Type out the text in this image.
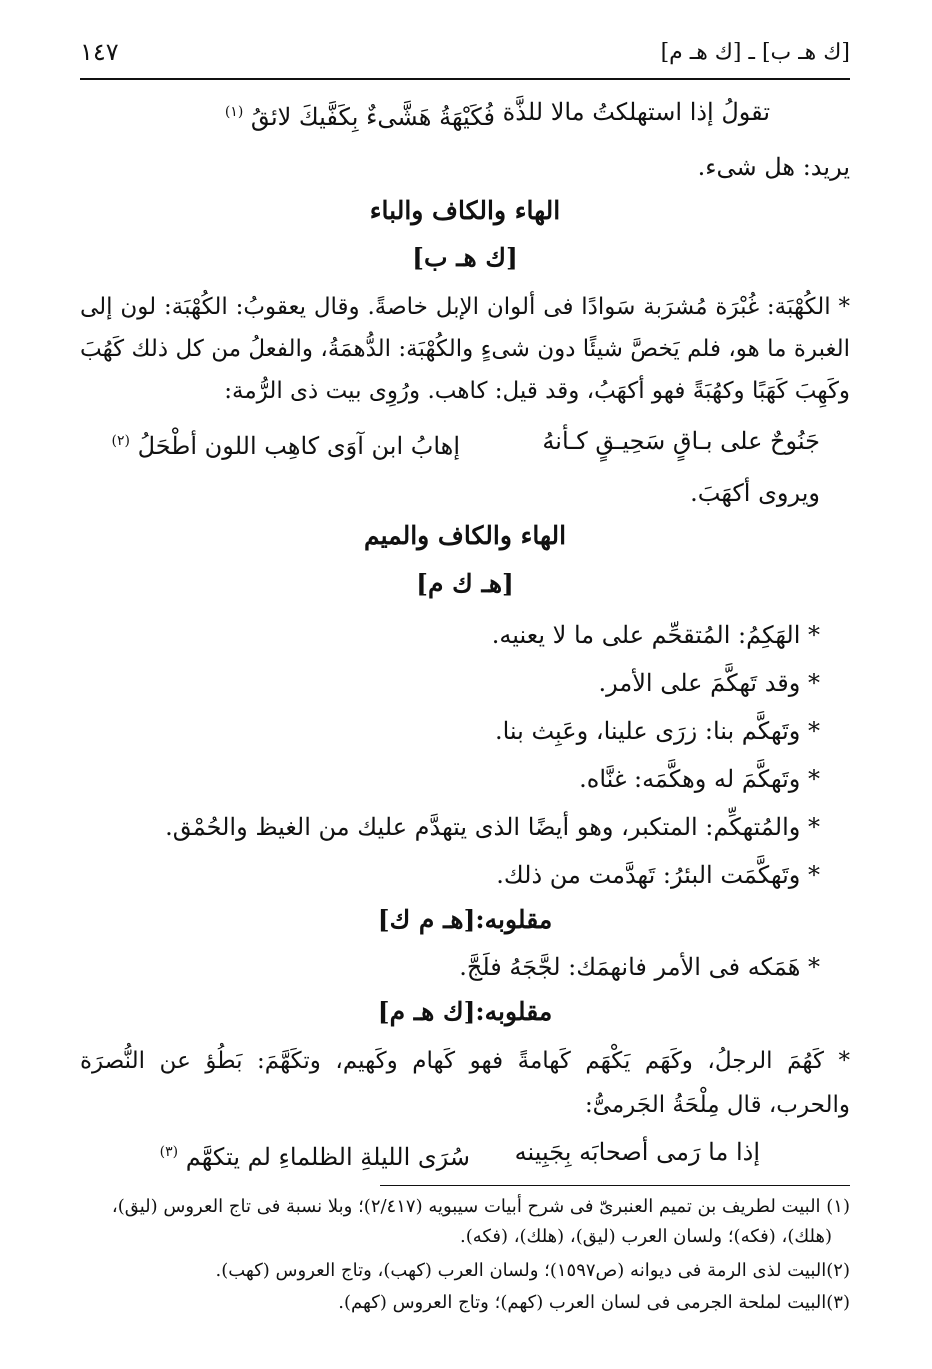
[ك هـ ب] ـ [ك هـ م]
١٤٧
تقولُ إذا استهلكتُ مالا للذَّة
فُكَيْهَةُ هَشَّىءٌ بِكَفَّيكَ لائقُ $^{(١)}$
يريد: هل شىء.
الهاء والكاف والباء
[ك هـ ب]
* الكُهْبَة: غُبْرَة مُشرَبة سَوادًا فى ألوان الإبل خاصةً. وقال يعقوبُ: الكُهْبَة: لون إلى
الغبرة ما هو، فلم يَخصَّ شيئًا دون شىءٍ والكُهْبَة: الدُّهمَةُ، والفعلُ من كل ذلك كَهُبَ
وكَهِبَ كَهَبًا وكهُبَةً فهو أكهَبُ، وقد قيل: كاهب. ورُوِى بيت ذى الرُّمة:
جَنُوحٌ على بـاقٍ سَحِيـقٍ كـأنهُ
إهابُ ابن آوَى كاهِب اللون أطْحَلُ $^{(٢)}$
ويروى أكهَبَ.
الهاء والكاف والميم
[هـ ك م]
* الهَكِمُ: المُتقحِّم على ما لا يعنيه.
* وقد تَهكَّمَ على الأمر.
* وتَهكَّم بنا: زرَى علينا، وعَبِث بنا.
* وتَهكَّمَ له وهكَّمَه: غنَّاه.
* والمُتهكِّم: المتكبر، وهو أيضًا الذى يتهدَّم عليك من الغيظ والحُمْق.
* وتَهكَّمَت البئرُ: تَهدَّمت من ذلك.
مقلوبه:[هـ م ك]
* هَمَكه فى الأمر فانهمَك: لجَّجَهُ فلَجَّ.
مقلوبه:[ك هـ م]
* كَهُمَ الرجلُ، وكَهَم يَكْهَم كَهامةً فهو كَهام وكَهيم، وتكَهَّمَ: بَطُؤ عن النُّصرَة
والحرب، قال مِلْحَةُ الجَرمىُّ:
إذا ما رَمى أصحابَه بِجَبِينه
سُرَى الليلةِ الظلماءِ لم يتكهَّم $^{(٣)}$
(١) البيت لطريف بن تميم العنبرىّ فى شرح أبيات سيبويه (٢/٤١٧)؛ وبلا نسبة فى تاج العروس (ليق)،
(هلك)، (فكه)؛ ولسان العرب (ليق)، (هلك)، (فكه).
(٢)البيت لذى الرمة فى ديوانه (ص١٥٩٧)؛ ولسان العرب (كهب)، وتاج العروس (كهب).
(٣)البيت لملحة الجرمى فى لسان العرب (كهم)؛ وتاج العروس (كهم).
